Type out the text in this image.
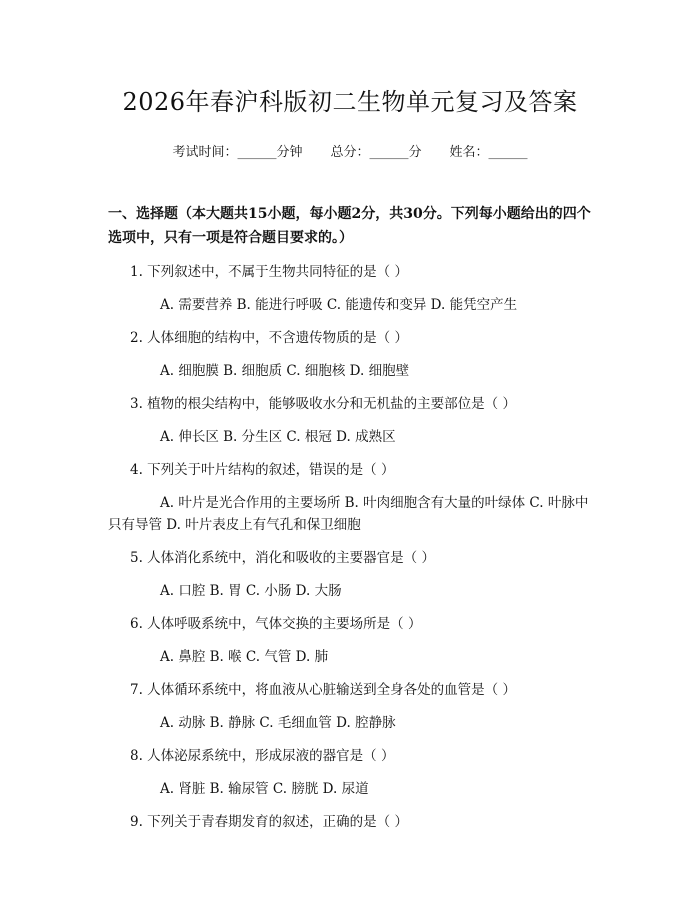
2026年春沪科版初二生物单元复习及答案
考试时间：______分钟 总分：______分 姓名：______
一、选择题（本大题共15小题，每小题2分，共30分。下列每小题给出的四个选项中，只有一项是符合题目要求的。）
1. 下列叙述中，不属于生物共同特征的是（ ）
A. 需要营养 B. 能进行呼吸 C. 能遗传和变异 D. 能凭空产生
2. 人体细胞的结构中，不含遗传物质的是（ ）
A. 细胞膜 B. 细胞质 C. 细胞核 D. 细胞壁
3. 植物的根尖结构中，能够吸收水分和无机盐的主要部位是（ ）
A. 伸长区 B. 分生区 C. 根冠 D. 成熟区
4. 下列关于叶片结构的叙述，错误的是（ ）
A. 叶片是光合作用的主要场所 B. 叶肉细胞含有大量的叶绿体 C. 叶脉中只有导管 D. 叶片表皮上有气孔和保卫细胞
5. 人体消化系统中，消化和吸收的主要器官是（ ）
A. 口腔 B. 胃 C. 小肠 D. 大肠
6. 人体呼吸系统中，气体交换的主要场所是（ ）
A. 鼻腔 B. 喉 C. 气管 D. 肺
7. 人体循环系统中，将血液从心脏输送到全身各处的血管是（ ）
A. 动脉 B. 静脉 C. 毛细血管 D. 腔静脉
8. 人体泌尿系统中，形成尿液的器官是（ ）
A. 肾脏 B. 输尿管 C. 膀胱 D. 尿道
9. 下列关于青春期发育的叙述，正确的是（ ）
